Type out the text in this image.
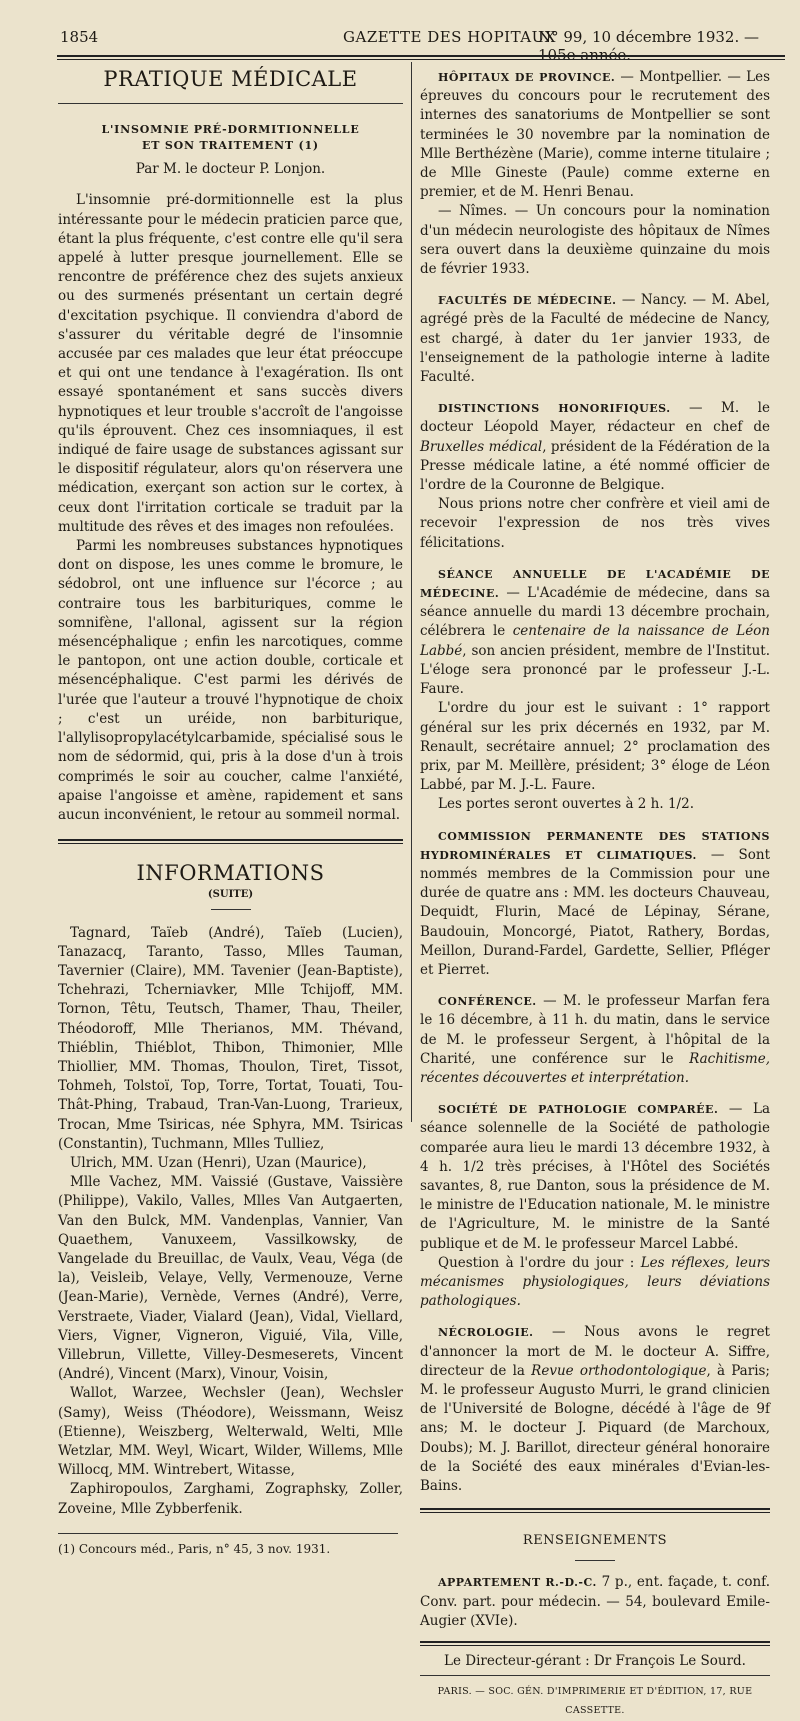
1854	GAZETTE DES HOPITAUX
N° 99, 10 décembre 1932. — 105e année.
PRATIQUE MÉDICALE
L'INSOMNIE PRÉ-DORMITIONNELLE
ET SON TRAITEMENT (1)
Par M. le docteur P. Lonjon.

L'insomnie pré-dormitionnelle est la plus intéressante pour le médecin praticien parce que, étant la plus fréquente, c'est contre elle qu'il sera appelé à lutter presque journellement. Elle se rencontre de préférence chez des sujets anxieux ou des surmenés présentant un certain degré d'excitation psychique. Il conviendra d'abord de s'assurer du véritable degré de l'insomnie accusée par ces malades que leur état préoccupe et qui ont une tendance à l'exagération. Ils ont essayé spontanément et sans succès divers hypnotiques et leur trouble s'accroît de l'angoisse qu'ils éprouvent. Chez ces insomniaques, il est indiqué de faire usage de substances agissant sur le dispositif régulateur, alors qu'on réservera une médication, exerçant son action sur le cortex, à ceux dont l'irritation corticale se traduit par la multitude des rêves et des images non refoulées.

Parmi les nombreuses substances hypnotiques dont on dispose, les unes comme le bromure, le sédobrol, ont une influence sur l'écorce ; au contraire tous les barbituriques, comme le somnifène, l'allonal, agissent sur la région mésencéphalique ; enfin les narcotiques, comme le pantopon, ont une action double, corticale et mésencéphalique. C'est parmi les dérivés de l'urée que l'auteur a trouvé l'hypnotique de choix ; c'est un uréide, non barbiturique, l'allylisopropylacétylcarbamide, spécialisé sous le nom de sédormid, qui, pris à la dose d'un à trois comprimés le soir au coucher, calme l'anxiété, apaise l'angoisse et amène, rapidement et sans aucun inconvénient, le retour au sommeil normal.

INFORMATIONS
(SUITE)

Tagnard, Taïeb (André), Taïeb (Lucien), Tanazacq, Taranto, Tasso, Mlles Tauman, Tavernier (Claire), MM. Tavenier (Jean-Baptiste), Tchehrazi, Tcherniavker, Mlle Tchijoff, MM. Tornon, Têtu, Teutsch, Thamer, Thau, Theiler, Théodoroff, Mlle Therianos, MM. Thévand, Thiéblin, Thiéblot, Thibon, Thimonier, Mlle Thiollier, MM. Thomas, Thoulon, Tiret, Tissot, Tohmeh, Tolstoï, Top, Torre, Tortat, Touati, Tou-Thât-Phing, Trabaud, Tran-Van-Luong, Trarieux, Trocan, Mme Tsiricas, née Sphyra, MM. Tsiricas (Constantin), Tuchmann, Mlles Tulliez,

Ulrich, MM. Uzan (Henri), Uzan (Maurice),

Mlle Vachez, MM. Vaissié (Gustave, Vaissière (Philippe), Vakilo, Valles, Mlles Van Autgaerten, Van den Bulck, MM. Vandenplas, Vannier, Van Quaethem, Vanuxeem, Vassilkowsky, de Vangelade du Breuillac, de Vaulx, Veau, Véga (de la), Veisleib, Velaye, Velly, Vermenouze, Verne (Jean-Marie), Vernède, Vernes (André), Verre, Verstraete, Viader, Vialard (Jean), Vidal, Viellard, Viers, Vigner, Vigneron, Viguié, Vila, Ville, Villebrun, Villette, Villey-Desmeserets, Vincent (André), Vincent (Marx), Vinour, Voisin,

Wallot, Warzee, Wechsler (Jean), Wechsler (Samy), Weiss (Théodore), Weissmann, Weisz (Etienne), Weiszberg, Welterwald, Welti, Mlle Wetzlar, MM. Weyl, Wicart, Wilder, Willems, Mlle Willocq, MM. Wintrebert, Witasse,

Zaphiropoulos, Zarghami, Zographsky, Zoller, Zoveine, Mlle Zybberfenik.

(1) Concours méd., Paris, n° 45, 3 nov. 1931.

HÔPITAUX DE PROVINCE. — Montpellier. — Les épreuves du concours pour le recrutement des internes des sanatoriums de Montpellier se sont terminées le 30 novembre par la nomination de Mlle Berthézène (Marie), comme interne titulaire ; de Mlle Gineste (Paule) comme externe en premier, et de M. Henri Benau.

— Nîmes. — Un concours pour la nomination d'un médecin neurologiste des hôpitaux de Nîmes sera ouvert dans la deuxième quinzaine du mois de février 1933.

FACULTÉS DE MÉDECINE. — Nancy. — M. Abel, agrégé près de la Faculté de médecine de Nancy, est chargé, à dater du 1er janvier 1933, de l'enseignement de la pathologie interne à ladite Faculté.

DISTINCTIONS HONORIFIQUES. — M. le docteur Léopold Mayer, rédacteur en chef de Bruxelles médical, président de la Fédération de la Presse médicale latine, a été nommé officier de l'ordre de la Couronne de Belgique.

Nous prions notre cher confrère et vieil ami de recevoir l'expression de nos très vives félicitations.

SÉANCE ANNUELLE DE L'ACADÉMIE DE MÉDECINE. — L'Académie de médecine, dans sa séance annuelle du mardi 13 décembre prochain, célébrera le centenaire de la naissance de Léon Labbé, son ancien président, membre de l'Institut. L'éloge sera prononcé par le professeur J.-L. Faure.

L'ordre du jour est le suivant : 1° rapport général sur les prix décernés en 1932, par M. Renault, secrétaire annuel; 2° proclamation des prix, par M. Meillère, président; 3° éloge de Léon Labbé, par M. J.-L. Faure.

Les portes seront ouvertes à 2 h. 1/2.

COMMISSION PERMANENTE DES STATIONS HYDROMINÉRALES ET CLIMATIQUES. — Sont nommés membres de la Commission pour une durée de quatre ans : MM. les docteurs Chauveau, Dequidt, Flurin, Macé de Lépinay, Sérane, Baudouin, Moncorgé, Piatot, Rathery, Bordas, Meillon, Durand-Fardel, Gardette, Sellier, Pfléger et Pierret.

CONFÉRENCE. — M. le professeur Marfan fera le 16 décembre, à 11 h. du matin, dans le service de M. le professeur Sergent, à l'hôpital de la Charité, une conférence sur le Rachitisme, récentes découvertes et interprétation.

SOCIÉTÉ DE PATHOLOGIE COMPARÉE. — La séance solennelle de la Société de pathologie comparée aura lieu le mardi 13 décembre 1932, à 4 h. 1/2 très précises, à l'Hôtel des Sociétés savantes, 8, rue Danton, sous la présidence de M. le ministre de l'Education nationale, M. le ministre de l'Agriculture, M. le ministre de la Santé publique et de M. le professeur Marcel Labbé.

Question à l'ordre du jour : Les réflexes, leurs mécanismes physiologiques, leurs déviations pathologiques.

NÉCROLOGIE. — Nous avons le regret d'annoncer la mort de M. le docteur A. Siffre, directeur de la Revue orthodontologique, à Paris; M. le professeur Augusto Murri, le grand clinicien de l'Université de Bologne, décédé à l'âge de 9f ans; M. le docteur J. Piquard (de Marchoux, Doubs); M. J. Barillot, directeur général honoraire de la Société des eaux minérales d'Evian-les-Bains.

RENSEIGNEMENTS

APPARTEMENT R.-D.-C. 7 p., ent. façade, t. conf. Conv. part. pour médecin. — 54, boulevard Emile-Augier (XVIe).

Le Directeur-gérant : Dr François Le Sourd.
PARIS. — SOC. GÉN. D'IMPRIMERIE ET D'ÉDITION, 17, RUE CASSETTE.
